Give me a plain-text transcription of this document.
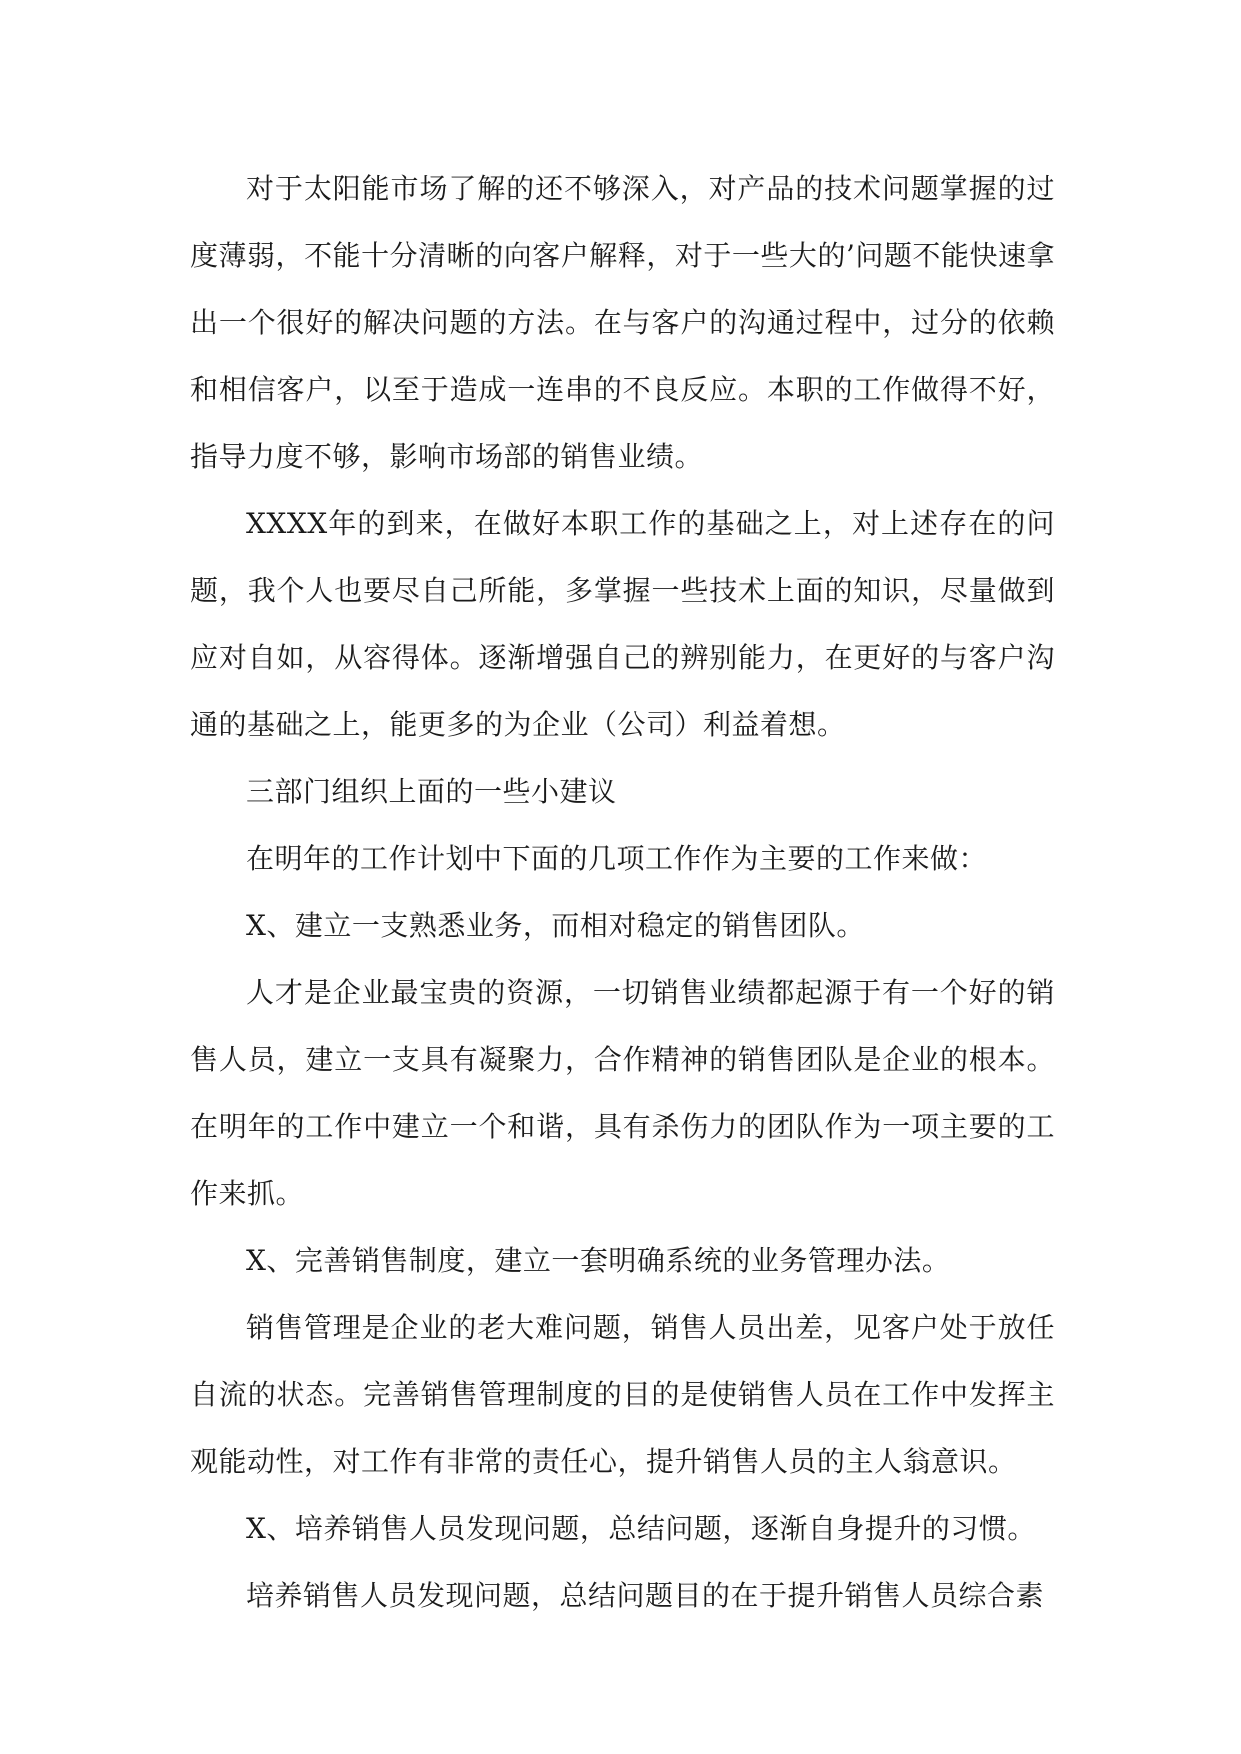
对于太阳能市场了解的还不够深入，对产品的技术问题掌握的过度薄弱，不能十分清晰的向客户解释，对于一些大的’问题不能快速拿出一个很好的解决问题的方法。在与客户的沟通过程中，过分的依赖和相信客户，以至于造成一连串的不良反应。本职的工作做得不好，指导力度不够，影响市场部的销售业绩。

XXXX年的到来，在做好本职工作的基础之上，对上述存在的问题，我个人也要尽自己所能，多掌握一些技术上面的知识，尽量做到应对自如，从容得体。逐渐增强自己的辨别能力，在更好的与客户沟通的基础之上，能更多的为企业（公司）利益着想。

三部门组织上面的一些小建议

在明年的工作计划中下面的几项工作作为主要的工作来做：

X、建立一支熟悉业务，而相对稳定的销售团队。

人才是企业最宝贵的资源，一切销售业绩都起源于有一个好的销售人员，建立一支具有凝聚力，合作精神的销售团队是企业的根本。在明年的工作中建立一个和谐，具有杀伤力的团队作为一项主要的工作来抓。

X、完善销售制度，建立一套明确系统的业务管理办法。

销售管理是企业的老大难问题，销售人员出差，见客户处于放任自流的状态。完善销售管理制度的目的是使销售人员在工作中发挥主观能动性，对工作有非常的责任心，提升销售人员的主人翁意识。

X、培养销售人员发现问题，总结问题，逐渐自身提升的习惯。

培养销售人员发现问题，总结问题目的在于提升销售人员综合素
